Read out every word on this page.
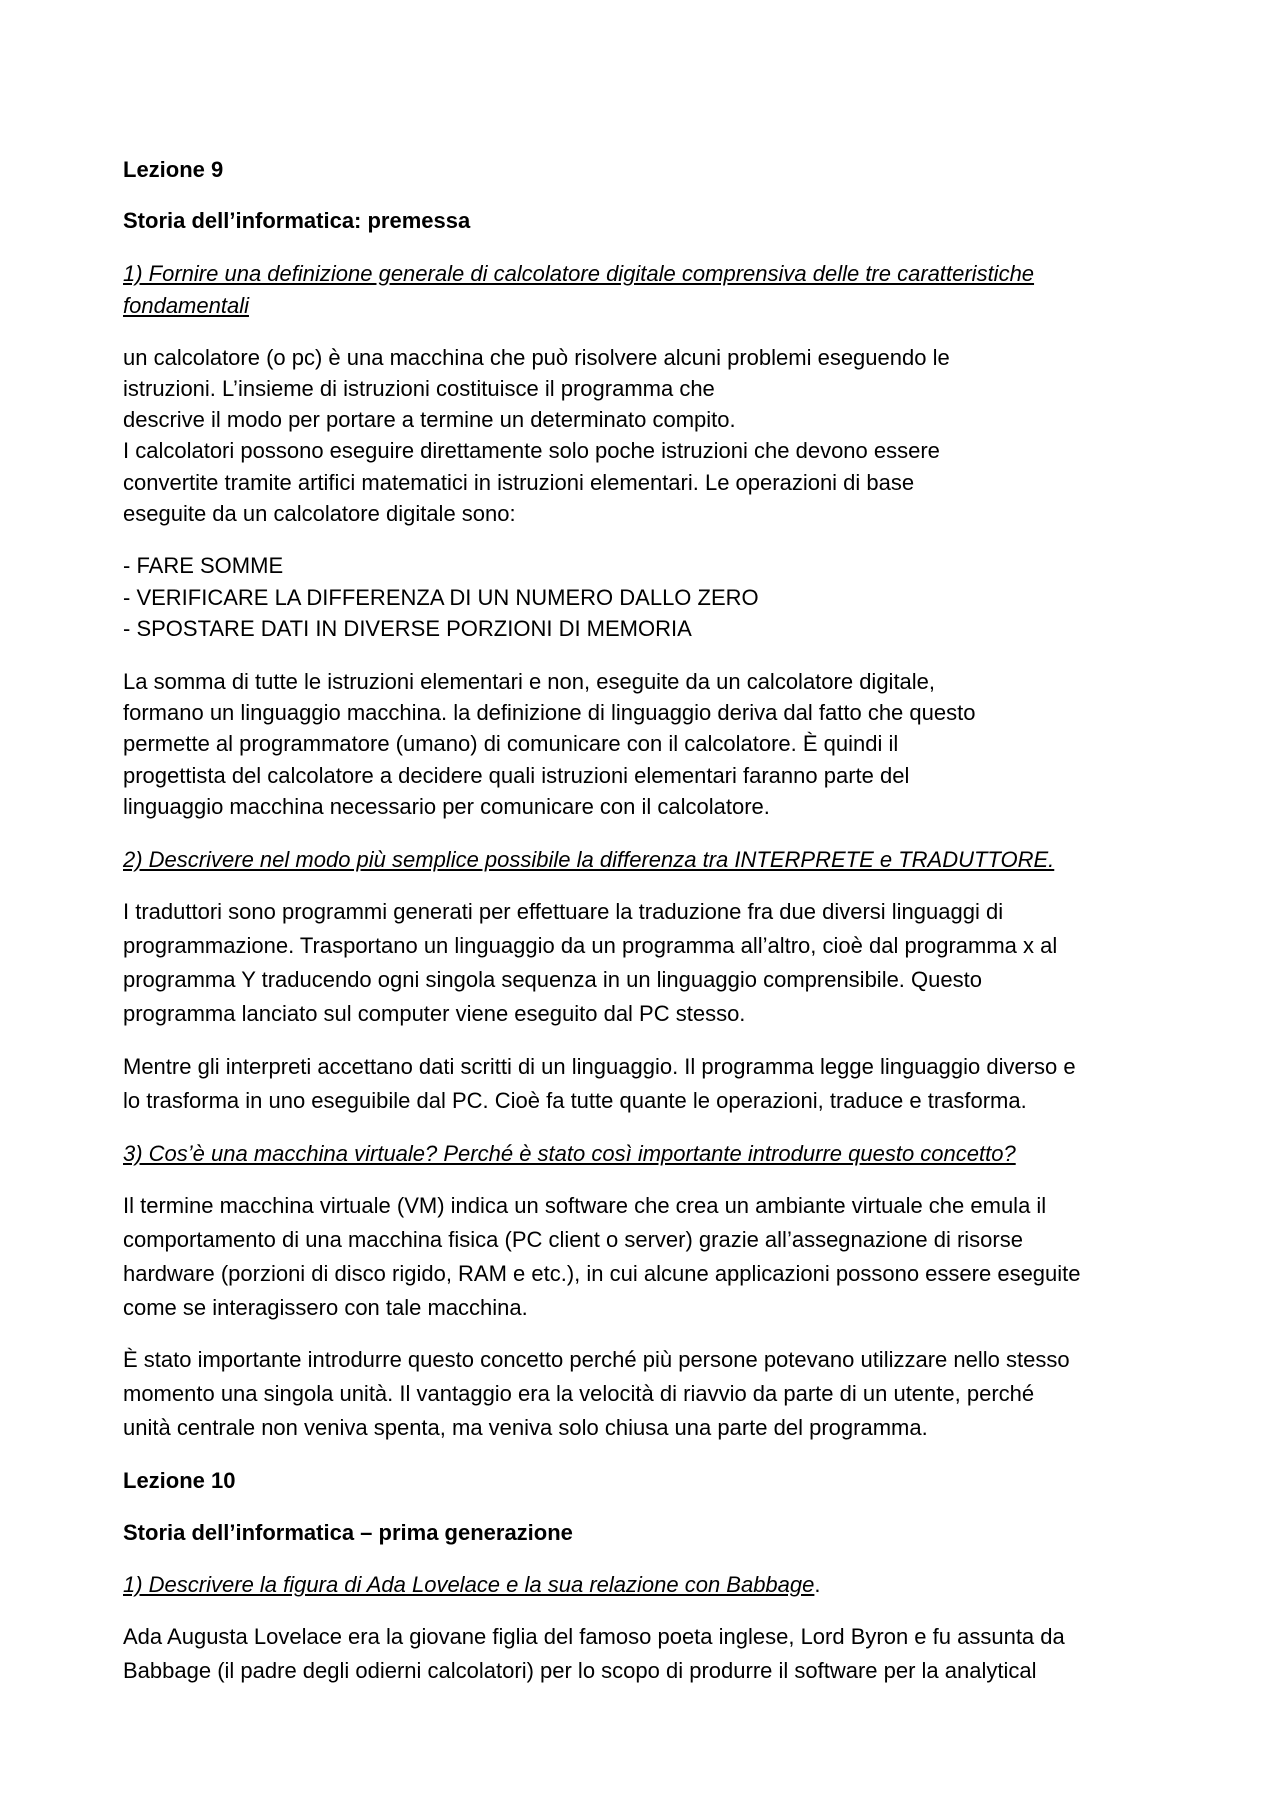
Lezione 9
Storia dell’informatica: premessa
1) Fornire una definizione generale di calcolatore digitale comprensiva delle tre caratteristiche
fondamentali
un calcolatore (o pc) è una macchina che può risolvere alcuni problemi eseguendo le
istruzioni. L’insieme di istruzioni costituisce il programma che
descrive il modo per portare a termine un determinato compito.
I calcolatori possono eseguire direttamente solo poche istruzioni che devono essere
convertite tramite artifici matematici in istruzioni elementari. Le operazioni di base
eseguite da un calcolatore digitale sono:
- FARE SOMME
- VERIFICARE LA DIFFERENZA DI UN NUMERO DALLO ZERO
- SPOSTARE DATI IN DIVERSE PORZIONI DI MEMORIA
La somma di tutte le istruzioni elementari e non, eseguite da un calcolatore digitale,
formano un linguaggio macchina. la definizione di linguaggio deriva dal fatto che questo
permette al programmatore (umano) di comunicare con il calcolatore. È quindi il
progettista del calcolatore a decidere quali istruzioni elementari faranno parte del
linguaggio macchina necessario per comunicare con il calcolatore.
2) Descrivere nel modo più semplice possibile la differenza tra INTERPRETE e TRADUTTORE.
I traduttori sono programmi generati per effettuare la traduzione fra due diversi linguaggi di
programmazione. Trasportano un linguaggio da un programma all’altro, cioè dal programma x al
programma Y traducendo ogni singola sequenza in un linguaggio comprensibile. Questo
programma lanciato sul computer viene eseguito dal PC stesso.
Mentre gli interpreti accettano dati scritti di un linguaggio. Il programma legge linguaggio diverso e
lo trasforma in uno eseguibile dal PC. Cioè fa tutte quante le operazioni, traduce e trasforma.
3) Cos’è una macchina virtuale? Perché è stato così importante introdurre questo concetto?
Il termine macchina virtuale (VM) indica un software che crea un ambiante virtuale che emula il
comportamento di una macchina fisica (PC client o server) grazie all’assegnazione di risorse
hardware (porzioni di disco rigido, RAM e etc.), in cui alcune applicazioni possono essere eseguite
come se interagissero con tale macchina.
È stato importante introdurre questo concetto perché più persone potevano utilizzare nello stesso
momento una singola unità. Il vantaggio era la velocità di riavvio da parte di un utente, perché
unità centrale non veniva spenta, ma veniva solo chiusa una parte del programma.
Lezione 10
Storia dell’informatica – prima generazione
1) Descrivere la figura di Ada Lovelace e la sua relazione con Babbage.
Ada Augusta Lovelace era la giovane figlia del famoso poeta inglese, Lord Byron e fu assunta da
Babbage (il padre degli odierni calcolatori) per lo scopo di produrre il software per la analytical
